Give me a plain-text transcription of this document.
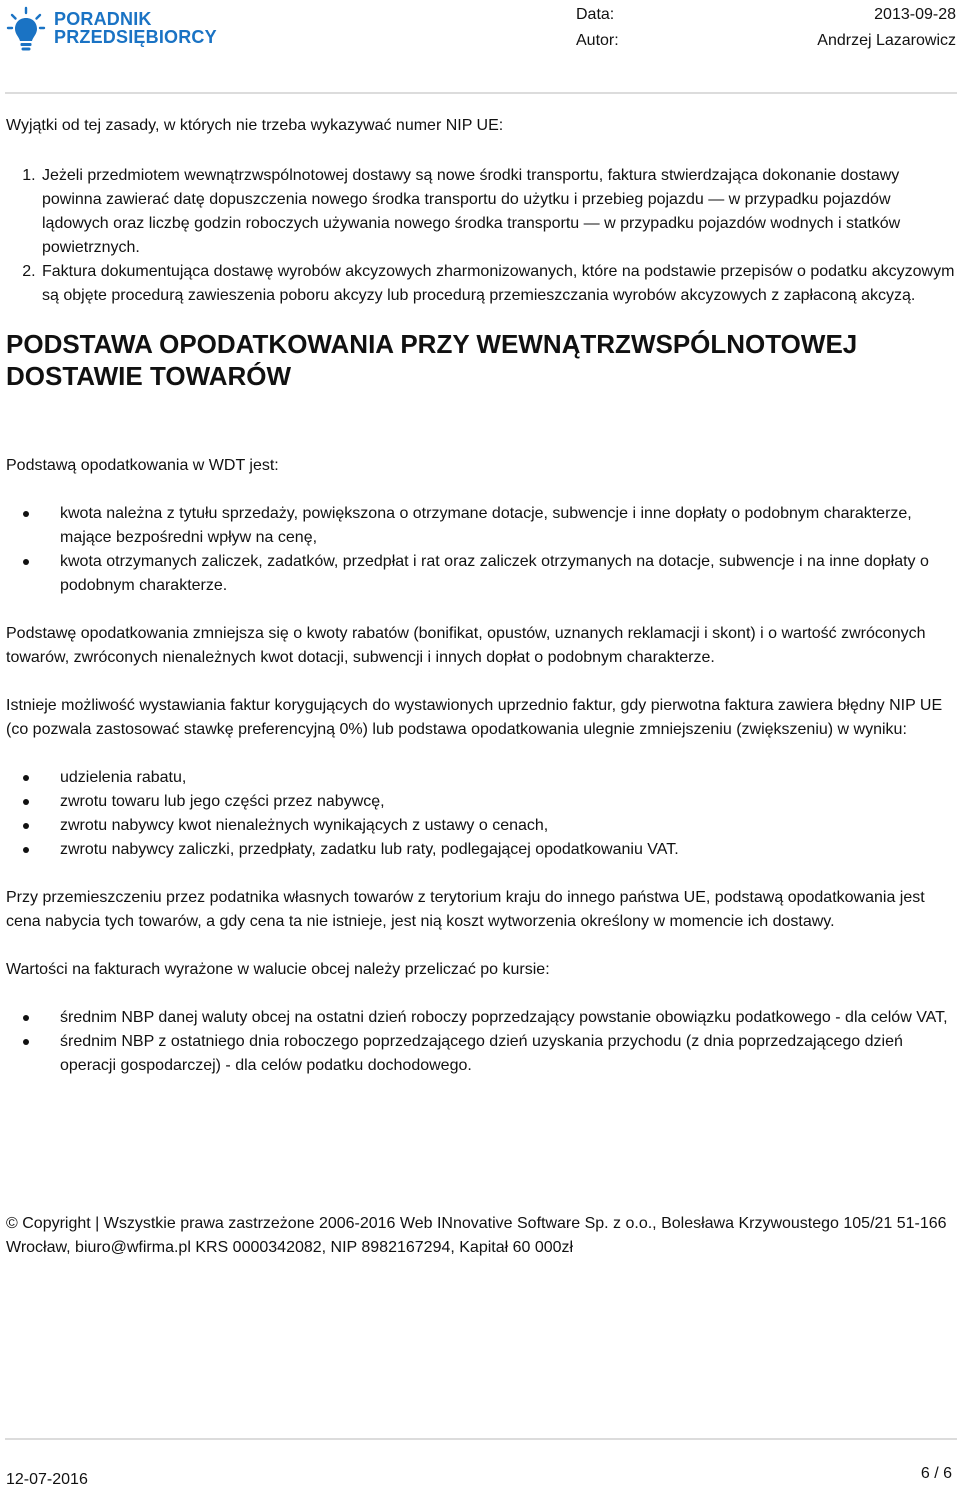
PORADNIK
PRZEDSIĘBIORCY
Data:	2013-09-28
Autor:	Andrzej Lazarowicz

Wyjątki od tej zasady, w których nie trzeba wykazywać numer NIP UE:

1. Jeżeli przedmiotem wewnątrzwspólnotowej dostawy są nowe środki transportu, faktura stwierdzająca dokonanie dostawy powinna zawierać datę dopuszczenia nowego środka transportu do użytku i przebieg pojazdu — w przypadku pojazdów lądowych oraz liczbę godzin roboczych używania nowego środka transportu — w przypadku pojazdów wodnych i statków powietrznych.
2. Faktura dokumentująca dostawę wyrobów akcyzowych zharmonizowanych, które na podstawie przepisów o podatku akcyzowym są objęte procedurą zawieszenia poboru akcyzy lub procedurą przemieszczania wyrobów akcyzowych z zapłaconą akcyzą.
PODSTAWA OPODATKOWANIA PRZY WEWNĄTRZWSPÓLNOTOWEJ DOSTAWIE TOWARÓW

Podstawą opodatkowania w WDT jest:

kwota należna z tytułu sprzedaży, powiększona o otrzymane dotacje, subwencje i inne dopłaty o podobnym charakterze, mające bezpośredni wpływ na cenę,
kwota otrzymanych zaliczek, zadatków, przedpłat i rat oraz zaliczek otrzymanych na dotacje, subwencje i na inne dopłaty o podobnym charakterze.

Podstawę opodatkowania zmniejsza się o kwoty rabatów (bonifikat, opustów, uznanych reklamacji i skont) i o wartość zwróconych towarów, zwróconych nienależnych kwot dotacji, subwencji i innych dopłat o podobnym charakterze.

Istnieje możliwość wystawiania faktur korygujących do wystawionych uprzednio faktur, gdy pierwotna faktura zawiera błędny NIP UE (co pozwala zastosować stawkę preferencyjną 0%) lub podstawa opodatkowania ulegnie zmniejszeniu (zwiększeniu) w wyniku:

udzielenia rabatu,
zwrotu towaru lub jego części przez nabywcę,
zwrotu nabywcy kwot nienależnych wynikających z ustawy o cenach,
zwrotu nabywcy zaliczki, przedpłaty, zadatku lub raty, podlegającej opodatkowaniu VAT.

Przy przemieszczeniu przez podatnika własnych towarów z terytorium kraju do innego państwa UE, podstawą opodatkowania jest cena nabycia tych towarów, a gdy cena ta nie istnieje, jest nią koszt wytworzenia określony w momencie ich dostawy.

Wartości na fakturach wyrażone w walucie obcej należy przeliczać po kursie:

średnim NBP danej waluty obcej na ostatni dzień roboczy poprzedzający powstanie obowiązku podatkowego - dla celów VAT,
średnim NBP z ostatniego dnia roboczego poprzedzającego dzień uzyskania przychodu (z dnia poprzedzającego dzień operacji gospodarczej) - dla celów podatku dochodowego.
© Copyright | Wszystkie prawa zastrzeżone 2006-2016 Web INnovative Software Sp. z o.o., Bolesława Krzywoustego 105/21 51-166 Wrocław, biuro@wfirma.pl KRS 0000342082, NIP 8982167294, Kapitał 60 000zł
12-07-2016	6 / 6
